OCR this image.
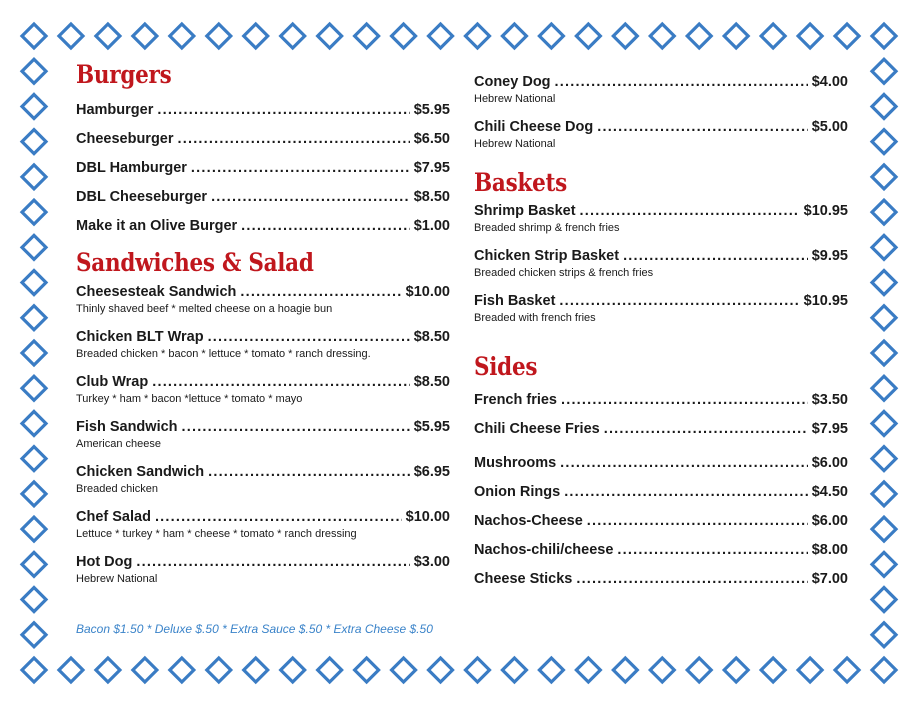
Burgers
Hamburger .....	$5.95
Cheeseburger .....	$6.50
DBL Hamburger .....	$7.95
DBL Cheeseburger .....	$8.50
Make it an Olive Burger .....	$1.00
Sandwiches & Salad
Cheesesteak Sandwich .....	$10.00
Thinly shaved beef * melted cheese on a hoagie bun
Chicken BLT Wrap .....	$8.50
Breaded chicken * bacon * lettuce * tomato * ranch dressing.
Club Wrap .....	$8.50
Turkey * ham * bacon *lettuce * tomato * mayo
Fish Sandwich .....	$5.95
American cheese
Chicken Sandwich .....	$6.95
Breaded chicken
Chef Salad .....	$10.00
Lettuce * turkey * ham * cheese * tomato * ranch dressing
Hot Dog .....	$3.00
Hebrew National
Coney Dog .....	$4.00
Hebrew National
Chili Cheese Dog .....	$5.00
Hebrew National
Baskets
Shrimp Basket .....	$10.95
Breaded shrimp & french fries
Chicken Strip Basket .....	$9.95
Breaded chicken strips & french fries
Fish Basket .....	$10.95
Breaded with french fries
Sides
French fries .....	$3.50
Chili Cheese Fries .....	$7.95
Mushrooms .....	$6.00
Onion Rings .....	$4.50
Nachos-Cheese .....	$6.00
Nachos-chili/cheese .....	$8.00
Cheese Sticks .....	$7.00
Bacon $1.50 * Deluxe $.50 * Extra Sauce $.50 * Extra Cheese $.50
